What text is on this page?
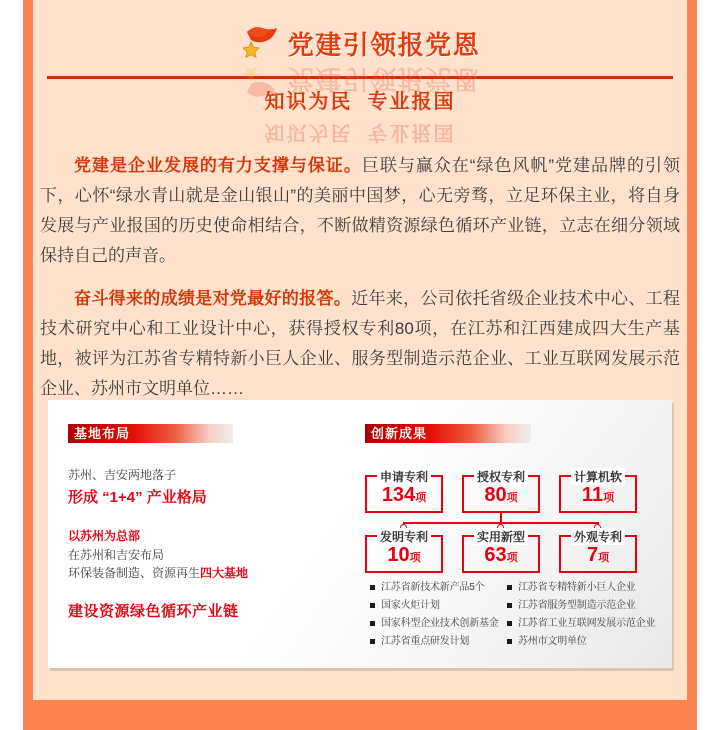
党建引领报党恩
党建引领报党恩
知识为民  专业报国
知识为民  专业报国

党建是企业发展的有力支撑与保证。巨联与赢众在“绿色风帆”党建品牌的引领下，心怀“绿水青山就是金山银山”的美丽中国梦，心无旁骛，立足环保主业，将自身发展与产业报国的历史使命相结合，不断做精资源绿色循环产业链，立志在细分领域保持自己的声音。

奋斗得来的成绩是对党最好的报答。近年来，公司依托省级企业技术中心、工程技术研究中心和工业设计中心，获得授权专利80项，在江苏和江西建成四大生产基地，被评为江苏省专精特新小巨人企业、服务型制造示范企业、工业互联网发展示范企业、苏州市文明单位……

基地布局
苏州、吉安两地落子
形成 “1+4” 产业格局
以苏州为总部
在苏州和吉安布局
环保装备制造、资源再生四大基地
建设资源绿色循环产业链
创新成果
申请专利
134项
授权专利
80项
计算机软
11项
发明专利
10项
实用新型
63项
外观专利
7项
江苏省新技术新产品5个
国家火炬计划
国家科型企业技术创新基金
江苏省重点研发计划
江苏省专精特新小巨人企业
江苏省服务型制造示范企业
江苏省工业互联网发展示范企业
苏州市文明单位
